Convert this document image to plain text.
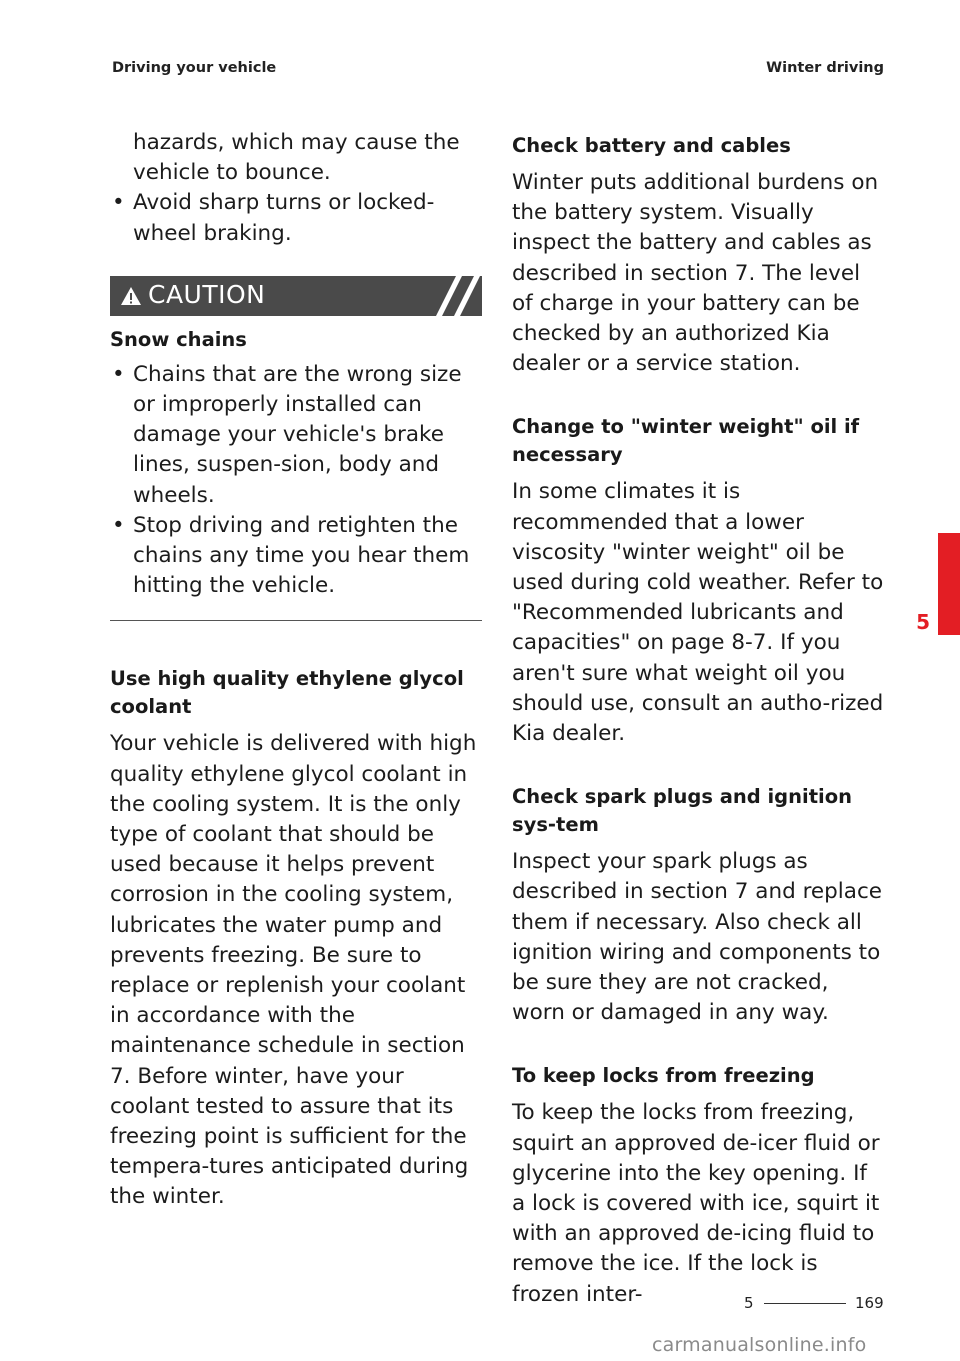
Driving your vehicle	Winter driving

hazards, which may cause the

vehicle to bounce.

• Avoid sharp turns or locked-wheel braking.
CAUTION

Snow chains

• Chains that are the wrong size or improperly installed can damage your vehicle's brake lines, suspen-sion, body and wheels.
• Stop driving and retighten the chains any time you hear them hitting the vehicle.

Use high quality ethylene glycol coolant

Your vehicle is delivered with high quality ethylene glycol coolant in the cooling system. It is the only type of coolant that should be used because it helps prevent corrosion in the cooling system, lubricates the water pump and prevents freezing. Be sure to replace or replenish your coolant in accordance with the maintenance schedule in section 7. Before winter, have your coolant tested to assure that its freezing point is sufficient for the tempera-tures anticipated during the winter.

Check battery and cables

Winter puts additional burdens on the battery system. Visually inspect the battery and cables as described in section 7. The level of charge in your battery can be checked by an authorized Kia dealer or a service station.

Change to "winter weight" oil if necessary

In some climates it is recommended that a lower viscosity "winter weight" oil be used during cold weather. Refer to "Recommended lubricants and capacities" on page 8-7. If you aren't sure what weight oil you should use, consult an autho-rized Kia dealer.

Check spark plugs and ignition sys-tem

Inspect your spark plugs as described in section 7 and replace them if necessary. Also check all ignition wiring and components to be sure they are not cracked, worn or damaged in any way.

To keep locks from freezing

To keep the locks from freezing, squirt an approved de-icer fluid or glycerine into the key opening. If a lock is covered with ice, squirt it with an approved de-icing fluid to remove the ice. If the lock is frozen inter-

5
5	169
carmanualsonline.info
